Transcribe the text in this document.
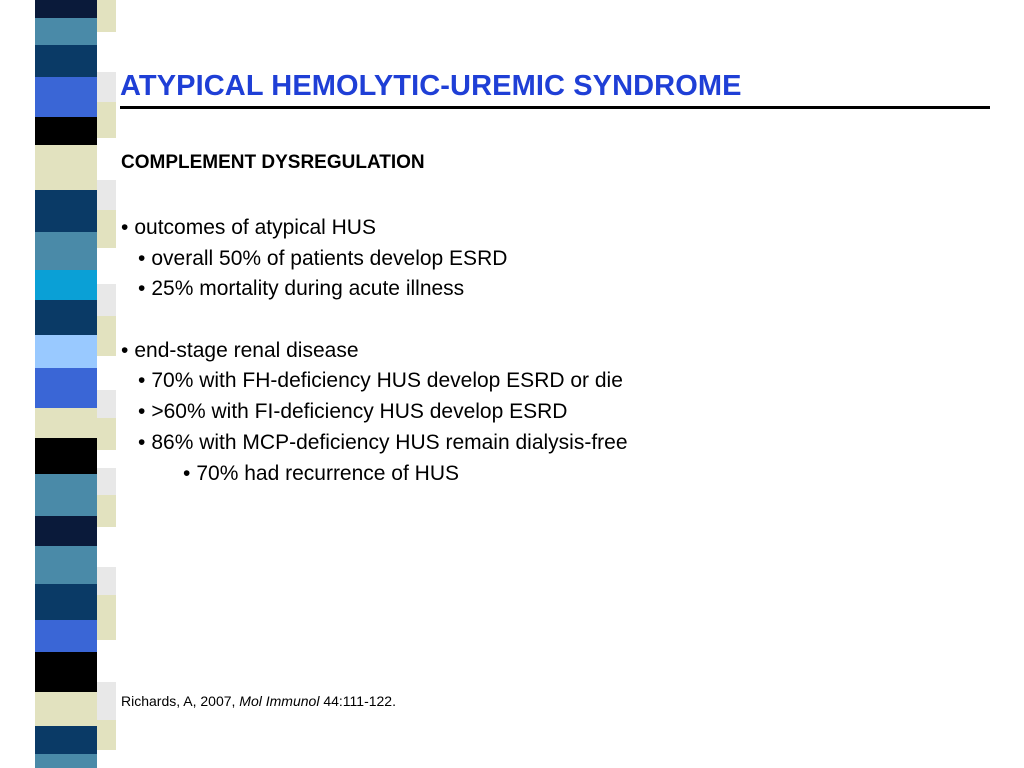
ATYPICAL HEMOLYTIC-UREMIC SYNDROME
COMPLEMENT DYSREGULATION
• outcomes of atypical HUS
• overall 50% of patients develop ESRD
• 25% mortality during acute illness
• end-stage renal disease
• 70% with FH-deficiency HUS develop ESRD or die
• >60% with FI-deficiency HUS develop ESRD
• 86% with MCP-deficiency HUS remain dialysis-free
• 70% had recurrence of HUS

Richards, A, 2007, Mol Immunol 44:111-122.
